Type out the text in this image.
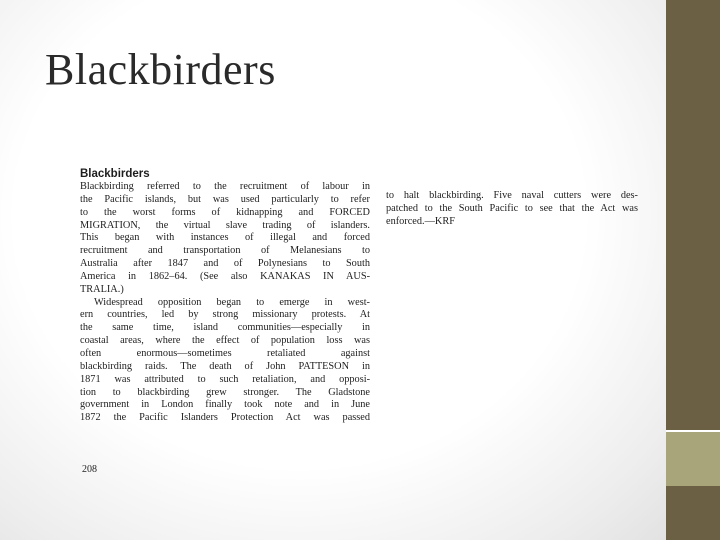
Blackbirders
Blackbirders
Blackbirding referred to the recruitment of labour in
the Pacific islands, but was used particularly to refer
to the worst forms of kidnapping and FORCED
MIGRATION, the virtual slave trading of islanders.
This began with instances of illegal and forced
recruitment and transportation of Melanesians to
Australia after 1847 and of Polynesians to South
America in 1862–64. (See also KANAKAS IN AUS-
TRALIA.)
Widespread opposition began to emerge in west-
ern countries, led by strong missionary protests. At
the same time, island communities—especially in
coastal areas, where the effect of population loss was
often enormous—sometimes retaliated against
blackbirding raids. The death of John PATTESON in
1871 was attributed to such retaliation, and opposi-
tion to blackbirding grew stronger. The Gladstone
government in London finally took note and in June
1872 the Pacific Islanders Protection Act was passed
to halt blackbirding. Five naval cutters were des-
patched to the South Pacific to see that the Act was
enforced.—KRF
208
